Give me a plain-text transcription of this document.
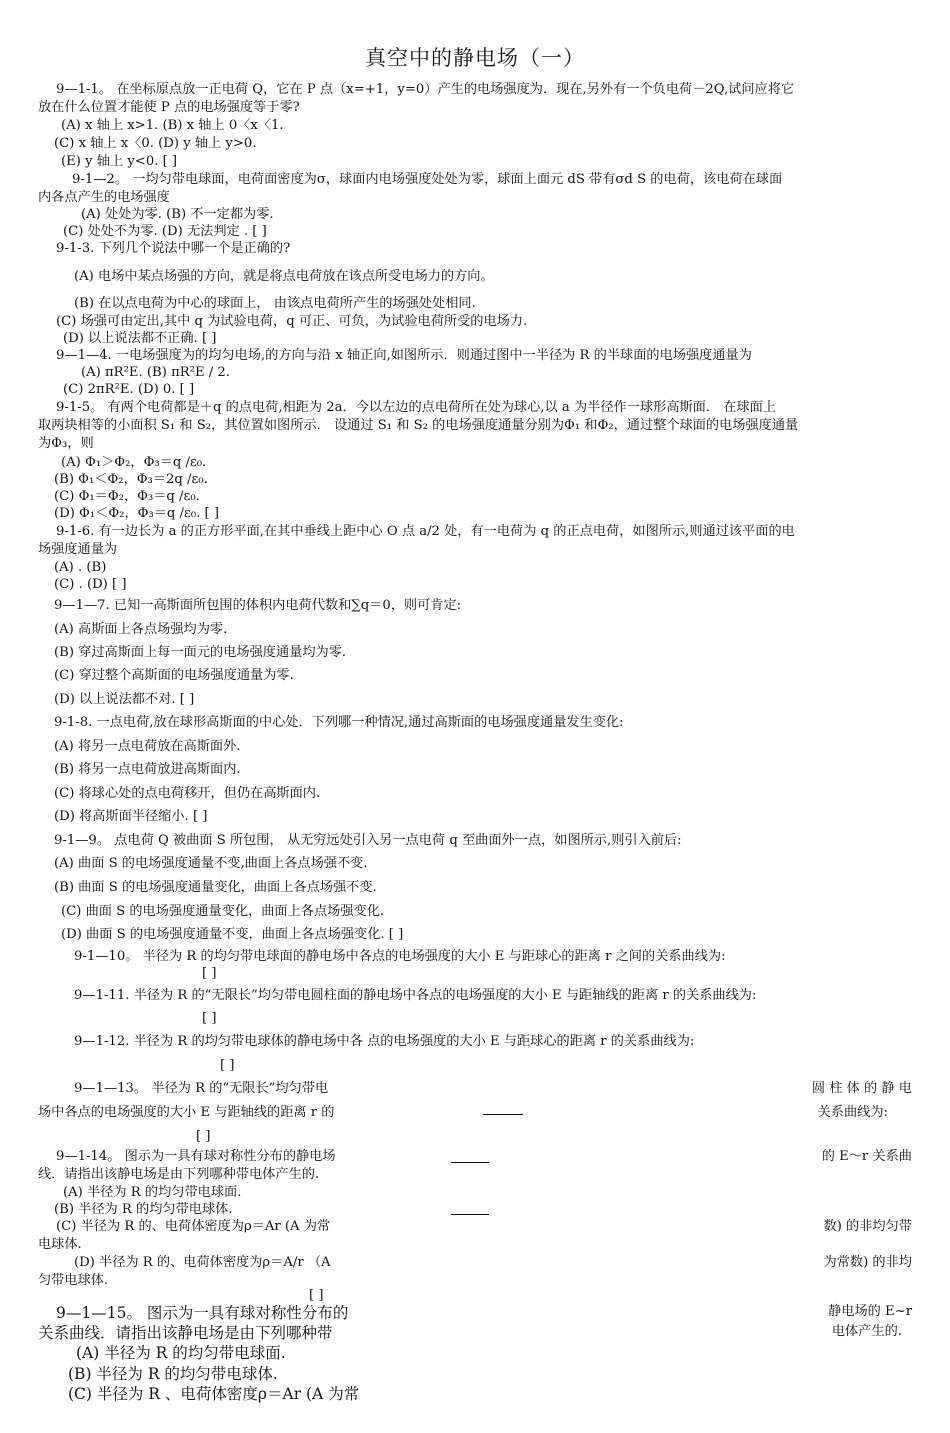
真空中的静电场（一）
9—1-1。 在坐标原点放一正电荷 Q，它在 P 点（x=+1，y=0）产生的电场强度为．现在,另外有一个负电荷－2Q,试问应将它
放在什么位置才能使 P 点的电场强度等于零?
(A) x 轴上 x>1. (B) x 轴上 0〈x〈1.
(C) x 轴上 x〈0. (D) y 轴上 y>0.
(E) y 轴上 y<0. [ ]
9-1—2。 一均匀带电球面，电荷面密度为σ，球面内电场强度处处为零，球面上面元 dS 带有σd S 的电荷，该电荷在球面
内各点产生的电场强度
(A) 处处为零. (B) 不一定都为零.
(C) 处处不为零. (D) 无法判定 . [ ]
9-1-3. 下列几个说法中哪一个是正确的?
(A) 电场中某点场强的方向，就是将点电荷放在该点所受电场力的方向。
(B) 在以点电荷为中心的球面上， 由该点电荷所产生的场强处处相同.
(C) 场强可由定出,其中 q 为试验电荷，q 可正、可负，为试验电荷所受的电场力.
(D) 以上说法都不正确. [ ]
9—1—4. 一电场强度为的均匀电场,的方向与沿 x 轴正向,如图所示．则通过图中一半径为 R 的半球面的电场强度通量为
(A) πR²E. (B) πR²E / 2.
(C) 2πR²E. (D) 0. [ ]
9-1-5。 有两个电荷都是＋q 的点电荷,相距为 2a．今以左边的点电荷所在处为球心,以 a 为半径作一球形高斯面． 在球面上
取两块相等的小面积 S₁ 和 S₂，其位置如图所示． 设通过 S₁ 和 S₂ 的电场强度通量分别为Φ₁ 和Φ₂，通过整个球面的电场强度通量
为Φ₃，则
(A) Φ₁＞Φ₂，Φ₃＝q /ε₀.
(B) Φ₁＜Φ₂，Φ₃＝2q /ε₀.
(C) Φ₁＝Φ₂，Φ₃＝q /ε₀.
(D) Φ₁＜Φ₂，Φ₃＝q /ε₀. [ ]
9-1-6. 有一边长为 a 的正方形平面,在其中垂线上距中心 O 点 a/2 处，有一电荷为 q 的正点电荷，如图所示,则通过该平面的电
场强度通量为
(A) . (B)
(C) . (D) [ ]
9—1—7. 已知一高斯面所包围的体积内电荷代数和∑q＝0，则可肯定:
(A) 高斯面上各点场强均为零.
(B) 穿过高斯面上每一面元的电场强度通量均为零.
(C) 穿过整个高斯面的电场强度通量为零.
(D) 以上说法都不对. [ ]
9-1-8. 一点电荷,放在球形高斯面的中心处．下列哪一种情况,通过高斯面的电场强度通量发生变化:
(A) 将另一点电荷放在高斯面外.
(B) 将另一点电荷放进高斯面内.
(C) 将球心处的点电荷移开，但仍在高斯面内.
(D) 将高斯面半径缩小. [ ]
9-1—9。 点电荷 Q 被曲面 S 所包围， 从无穷远处引入另一点电荷 q 至曲面外一点，如图所示,则引入前后:
(A) 曲面 S 的电场强度通量不变,曲面上各点场强不变.
(B) 曲面 S 的电场强度通量变化，曲面上各点场强不变.
(C) 曲面 S 的电场强度通量变化，曲面上各点场强变化.
(D) 曲面 S 的电场强度通量不变，曲面上各点场强变化. [ ]
9-1—10。 半径为 R 的均匀带电球面的静电场中各点的电场强度的大小 E 与距球心的距离 r 之间的关系曲线为:
[ ]
9—1-11. 半径为 R 的“无限长”均匀带电圆柱面的静电场中各点的电场强度的大小 E 与距轴线的距离 r 的关系曲线为:
[ ]
9—1-12. 半径为 R 的均匀带电球体的静电场中各 点的电场强度的大小 E 与距球心的距离 r 的关系曲线为:
[ ]
9—1—13。 半径为 R 的“无限长”均匀带电
场中各点的电场强度的大小 E 与距轴线的距离 r 的
[ ]
9—1-14。 图示为一具有球对称性分布的静电场
线．请指出该静电场是由下列哪种带电体产生的.
(A) 半径为 R 的均匀带电球面.
(B) 半径为 R 的均匀带电球体.
(C) 半径为 R 的、电荷体密度为ρ＝Ar (A 为常
电球体.
(D) 半径为 R 的、电荷体密度为ρ＝A/r （A
匀带电球体.
[ ]
9—1—15。 图示为一具有球对称性分布的
关系曲线．请指出该静电场是由下列哪种带
(A) 半径为 R 的均匀带电球面.
(B) 半径为 R 的均匀带电球体.
(C) 半径为 R 、电荷体密度ρ＝Ar (A 为常
圆 柱 体 的 静 电
关系曲线为:
的 E～r 关系曲
数) 的非均匀带
为常数) 的非均
静电场的 E~r
电体产生的.
